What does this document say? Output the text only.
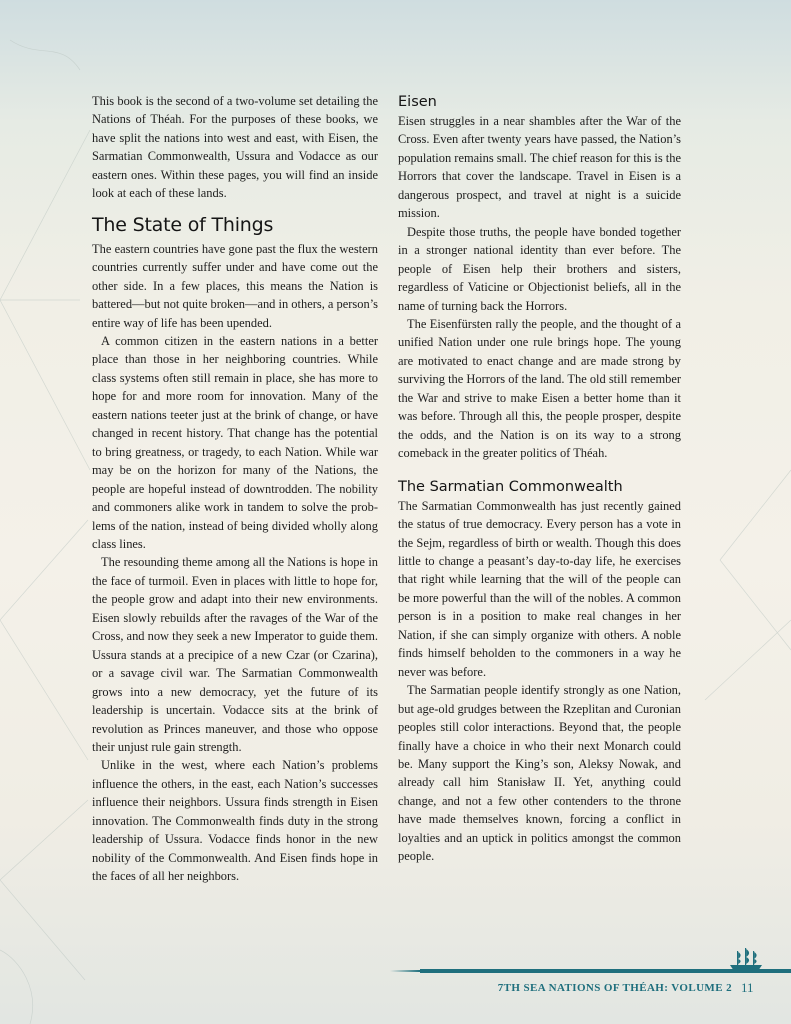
This book is the second of a two-volume set detailing the Nations of Théah. For the purposes of these books, we have split the nations into west and east, with Eisen, the Sarmatian Commonwealth, Ussura and Vodacce as our eastern ones. Within these pages, you will find an inside look at each of these lands.

The State of Things

The eastern countries have gone past the flux the western countries currently suffer under and have come out the other side. In a few places, this means the Nation is battered—but not quite broken—and in others, a person’s entire way of life has been upended.

A common citizen in the eastern nations in a better place than those in her neighboring countries. While class systems often still remain in place, she has more to hope for and more room for innovation. Many of the eastern nations teeter just at the brink of change, or have changed in recent history. That change has the potential to bring greatness, or tragedy, to each Nation. While war may be on the horizon for many of the Nations, the people are hopeful instead of downtrodden. The nobility and commoners alike work in tandem to solve the problems of the nation, instead of being divided wholly along class lines.

The resounding theme among all the Nations is hope in the face of turmoil. Even in places with little to hope for, the people grow and adapt into their new environments. Eisen slowly rebuilds after the ravages of the War of the Cross, and now they seek a new Imperator to guide them. Ussura stands at a precipice of a new Czar (or Czarina), or a savage civil war. The Sarmatian Commonwealth grows into a new democracy, yet the future of its leadership is uncertain. Vodacce sits at the brink of revolution as Princes maneuver, and those who oppose their unjust rule gain strength.

Unlike in the west, where each Nation’s problems influence the others, in the east, each Nation’s successes influence their neighbors. Ussura finds strength in Eisen innovation. The Commonwealth finds duty in the strong leadership of Ussura. Vodacce finds honor in the new nobility of the Commonwealth. And Eisen finds hope in the faces of all her neighbors.

Eisen

Eisen struggles in a near shambles after the War of the Cross. Even after twenty years have passed, the Nation’s population remains small. The chief reason for this is the Horrors that cover the landscape. Travel in Eisen is a dangerous prospect, and travel at night is a suicide mission.

Despite those truths, the people have bonded together in a stronger national identity than ever before. The people of Eisen help their brothers and sisters, regardless of Vaticine or Objectionist beliefs, all in the name of turning back the Horrors.

The Eisenfürsten rally the people, and the thought of a unified Nation under one rule brings hope. The young are motivated to enact change and are made strong by surviving the Horrors of the land. The old still remember the War and strive to make Eisen a better home than it was before. Through all this, the people prosper, despite the odds, and the Nation is on its way to a strong comeback in the greater politics of Théah.

The Sarmatian Commonwealth

The Sarmatian Commonwealth has just recently gained the status of true democracy. Every person has a vote in the Sejm, regardless of birth or wealth. Though this does little to change a peasant’s day-to-day life, he exercises that right while learning that the will of the people can be more powerful than the will of the nobles. A common person is in a position to make real changes in her Nation, if she can simply organize with others. A noble finds himself beholden to the commoners in a way he never was before.

The Sarmatian people identify strongly as one Nation, but age-old grudges between the Rzeplitan and Curonian peoples still color interactions. Beyond that, the people finally have a choice in who their next Monarch could be. Many support the King’s son, Aleksy Nowak, and already call him Stanisław II. Yet, anything could change, and not a few other contenders to the throne have made themselves known, forcing a conflict in loyalties and an uptick in politics amongst the common people.

7TH SEA NATIONS OF THÉAH: VOLUME 2 11
